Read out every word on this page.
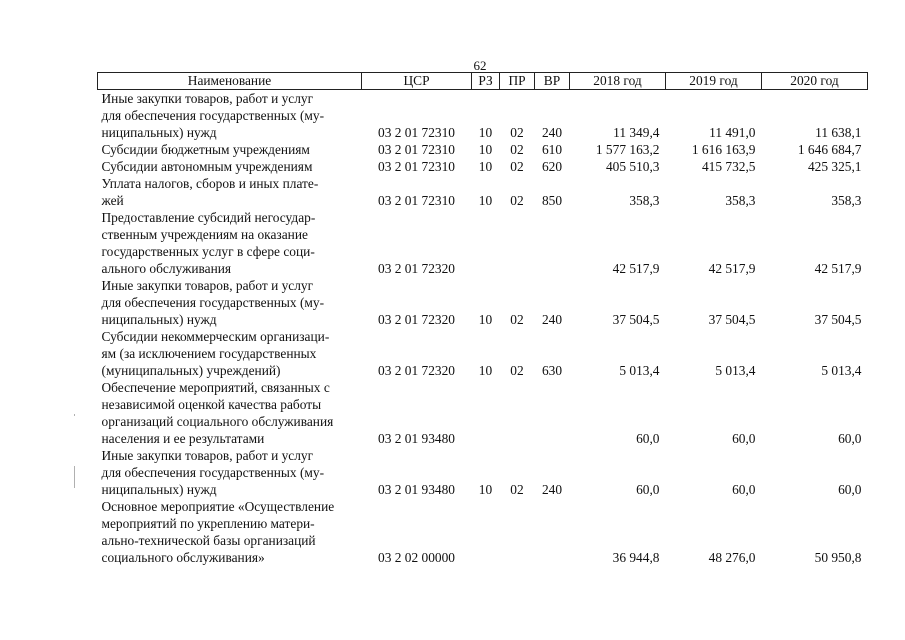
62
Наименование	ЦСР	РЗ	ПР	ВР	2018 год	2019 год	2020 год
Иные закупки товаров, работ и услуг
для обеспечения государственных (му-
ниципальных) нужд	03 2 01 72310	10	02	240	11 349,4	11 491,0	11 638,1
Субсидии бюджетным учреждениям	03 2 01 72310	10	02	610	1 577 163,2	1 616 163,9	1 646 684,7
Субсидии автономным учреждениям	03 2 01 72310	10	02	620	405 510,3	415 732,5	425 325,1
Уплата налогов, сборов и иных плате-
жей	03 2 01 72310	10	02	850	358,3	358,3	358,3
Предоставление субсидий негосудар-
ственным учреждениям на оказание
государственных услуг в сфере соци-
ального обслуживания	03 2 01 72320				42 517,9	42 517,9	42 517,9
Иные закупки товаров, работ и услуг
для обеспечения государственных (му-
ниципальных) нужд	03 2 01 72320	10	02	240	37 504,5	37 504,5	37 504,5
Субсидии некоммерческим организаци-
ям (за исключением государственных
(муниципальных) учреждений)	03 2 01 72320	10	02	630	5 013,4	5 013,4	5 013,4
Обеспечение мероприятий, связанных с
независимой оценкой качества работы
организаций социального обслуживания
населения и ее результатами	03 2 01 93480				60,0	60,0	60,0
Иные закупки товаров, работ и услуг
для обеспечения государственных (му-
ниципальных) нужд	03 2 01 93480	10	02	240	60,0	60,0	60,0
Основное мероприятие «Осуществление
мероприятий по укреплению матери-
ально-технической базы организаций
социального обслуживания»	03 2 02 00000				36 944,8	48 276,0	50 950,8
